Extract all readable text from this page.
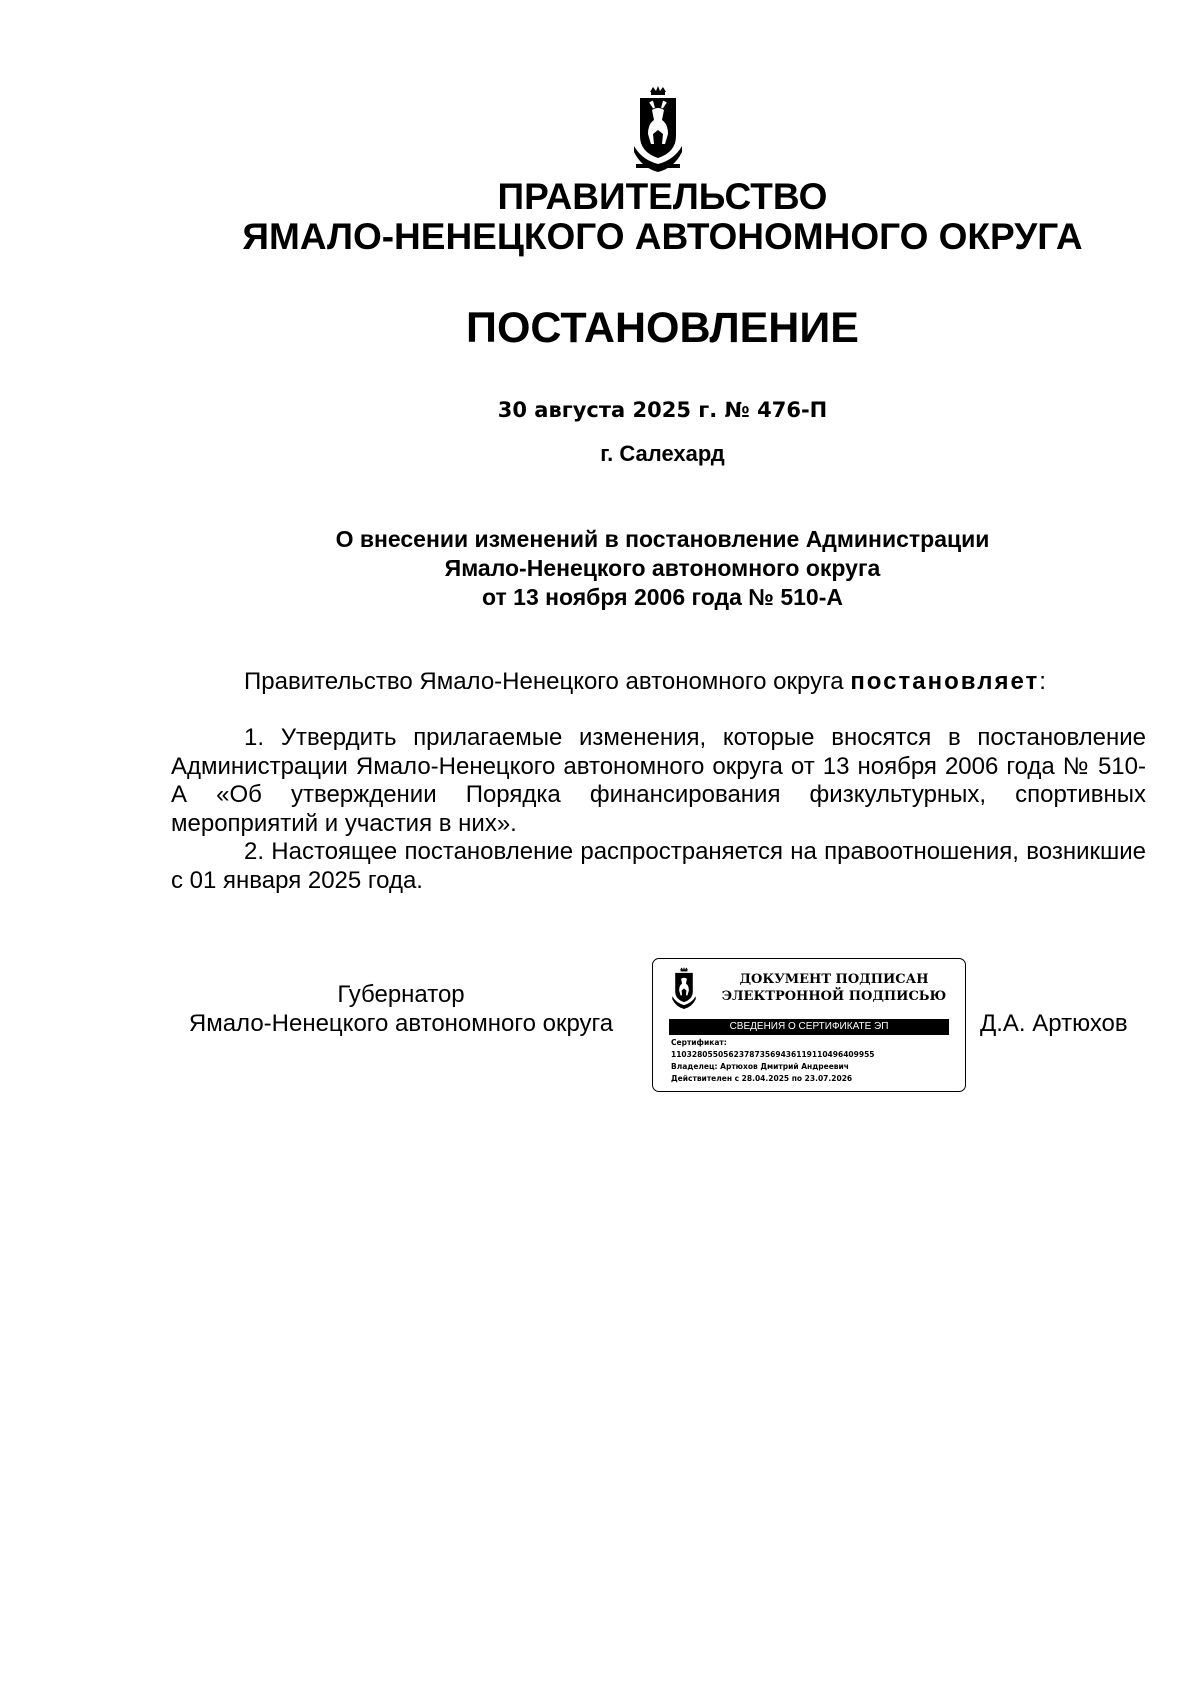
ПРАВИТЕЛЬСТВО
ЯМАЛО-НЕНЕЦКОГО АВТОНОМНОГО ОКРУГА
ПОСТАНОВЛЕНИЕ
30 августа 2025 г. № 476-П
г. Салехард
О внесении изменений в постановление Администрации
Ямало-Ненецкого автономного округа
от 13 ноября 2006 года № 510-А
Правительство Ямало-Ненецкого автономного округа постановляет:

1. Утвердить прилагаемые изменения, которые вносятся в постановление Администрации Ямало-Ненецкого автономного округа от 13 ноября 2006 года № 510-А «Об утверждении Порядка финансирования физкультурных, спортивных мероприятий и участия в них».

2. Настоящее постановление распространяется на правоотношения, возникшие с 01 января 2025 года.

Губернатор
Ямало-Ненецкого автономного округа
ДОКУМЕНТ ПОДПИСАН
ЭЛЕКТРОННОЙ ПОДПИСЬЮ
СВЕДЕНИЯ О СЕРТИФИКАТЕ ЭП
Сертификат:
110328055056237873569436119110496409955
Владелец: Артюхов Дмитрий Андреевич
Действителен с 28.04.2025 по 23.07.2026
Д.А. Артюхов
